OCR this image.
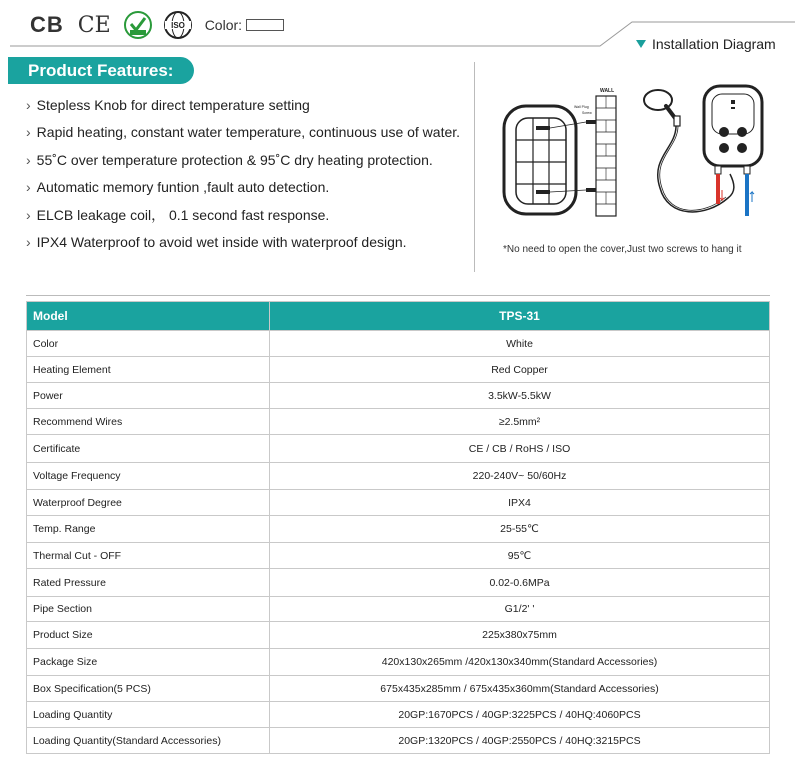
CB CE	ISO Color:
Installation Diagram
Product Features:
› Stepless Knob for direct temperature setting
› Rapid heating, constant water temperature, continuous use of water.
› 55˚C over temperature protection & 95˚C dry heating protection.
› Automatic memory funtion ,fault auto detection.
› ELCB leakage coil， 0.1 second fast response.
› IPX4 Waterproof to avoid wet inside with waterproof design.
WALL
Wall Plug
Screw
*No need to open the cover,Just two screws to hang it
Model	TPS-31
Color	White
Heating Element	Red Copper
Power	3.5kW-5.5kW
Recommend Wires	≥2.5mm²
Certificate	CE / CB / RoHS / ISO
Voltage Frequency	220-240V~ 50/60Hz
Waterproof Degree	IPX4
Temp. Range	25-55℃
Thermal Cut - OFF	95℃
Rated Pressure	0.02-0.6MPa
Pipe Section	G1/2' '
Product Size	225x380x75mm
Package Size	420x130x265mm /420x130x340mm(Standard Accessories)
Box Specification(5 PCS)	675x435x285mm / 675x435x360mm(Standard Accessories)
Loading Quantity	20GP:1670PCS / 40GP:3225PCS / 40HQ:4060PCS
Loading Quantity(Standard Accessories)	20GP:1320PCS / 40GP:2550PCS / 40HQ:3215PCS
